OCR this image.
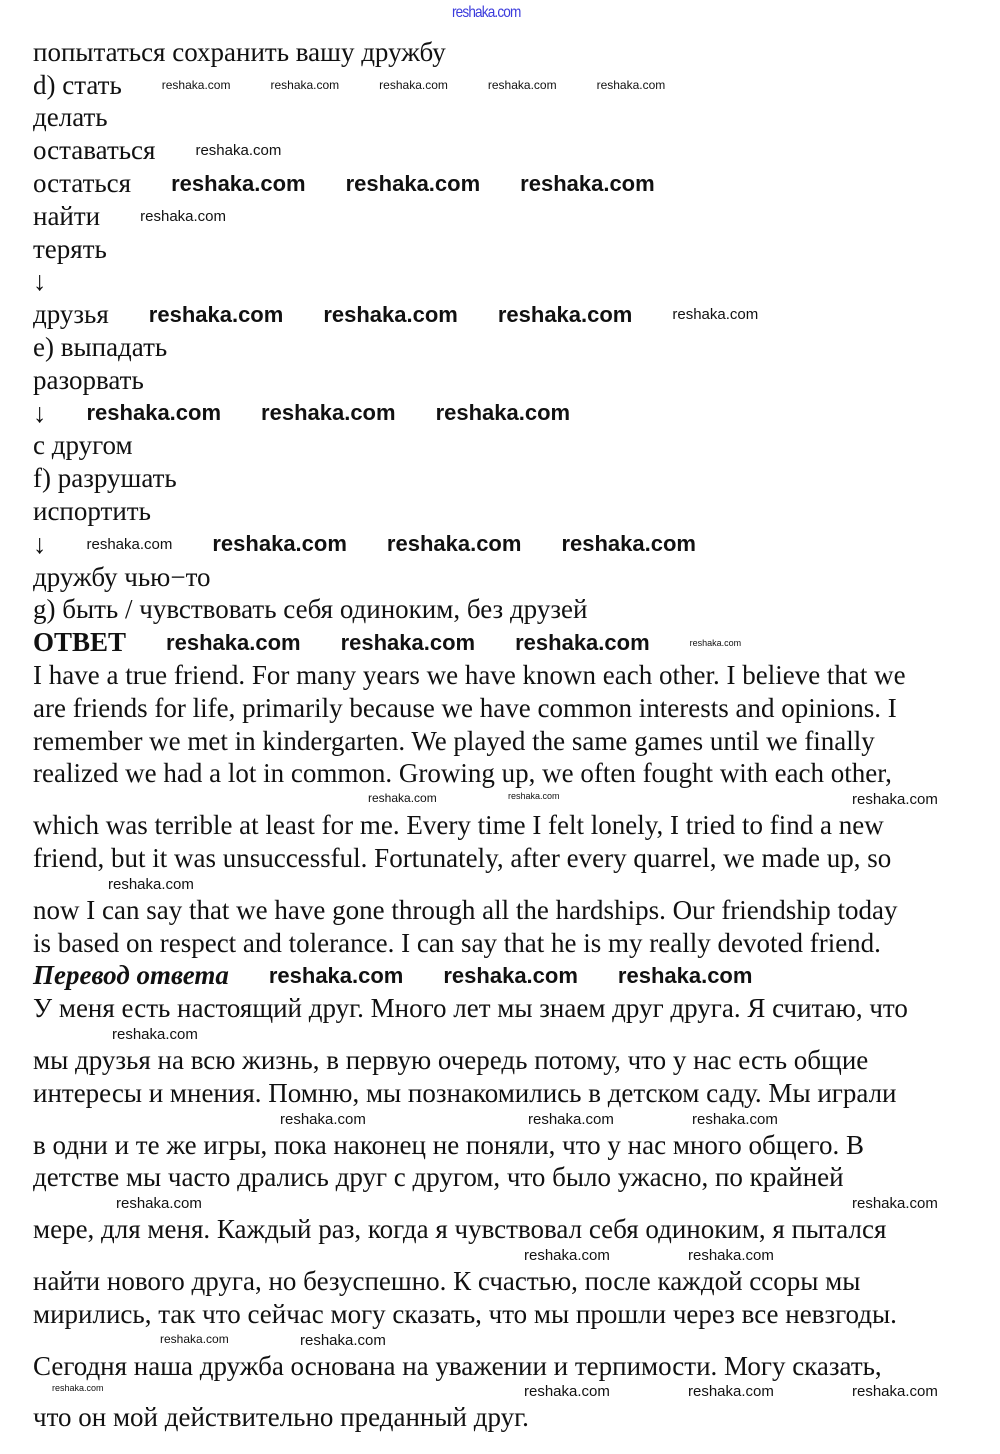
reshaka.com
попытаться сохранить вашу дружбу
d) стать	reshaka.com	reshaka.com	reshaka.com	reshaka.com	reshaka.com
делать
оставаться	reshaka.com
остаться reshaka.com reshaka.com reshaka.com
найти	reshaka.com
терять
↓
друзья reshaka.com reshaka.com reshaka.com	reshaka.com
e) выпадать
разорвать
↓ reshaka.com reshaka.com reshaka.com
с другом
f) разрушать
испортить
↓	reshaka.com reshaka.com reshaka.com reshaka.com
дружбу чью−то
g) быть / чувствовать себя одиноким, без друзей
ОТВЕТ reshaka.com reshaka.com reshaka.com	reshaka.com
I have a true friend. For many years we have known each other. I believe that we
are friends for life, primarily because we have common interests and opinions. I
remember we met in kindergarten. We played the same games until we finally
realized we had a lot in common. Growing up, we often fought with each other,
reshaka.com	reshaka.com	reshaka.com
which was terrible at least for me. Every time I felt lonely, I tried to find a new
friend, but it was unsuccessful. Fortunately, after every quarrel, we made up, so
reshaka.com
now I can say that we have gone through all the hardships. Our friendship today
is based on respect and tolerance. I can say that he is my really devoted friend.
Перевод ответа reshaka.com reshaka.com reshaka.com
У меня есть настоящий друг. Много лет мы знаем друг друга. Я считаю, что
reshaka.com
мы друзья на всю жизнь, в первую очередь потому, что у нас есть общие
интересы и мнения. Помню, мы познакомились в детском саду. Мы играли
reshaka.com	reshaka.com	reshaka.com
в одни и те же игры, пока наконец не поняли, что у нас много общего. В
детстве мы часто дрались друг с другом, что было ужасно, по крайней
reshaka.com	reshaka.com
мере, для меня. Каждый раз, когда я чувствовал себя одиноким, я пытался
reshaka.com	reshaka.com
найти нового друга, но безуспешно. К счастью, после каждой ссоры мы
мирились, так что сейчас могу сказать, что мы прошли через все невзгоды.
reshaka.com	reshaka.com
Сегодня наша дружба основана на уважении и терпимости. Могу сказать,
reshaka.com	reshaka.com	reshaka.com	reshaka.com
что он мой действительно преданный друг.
